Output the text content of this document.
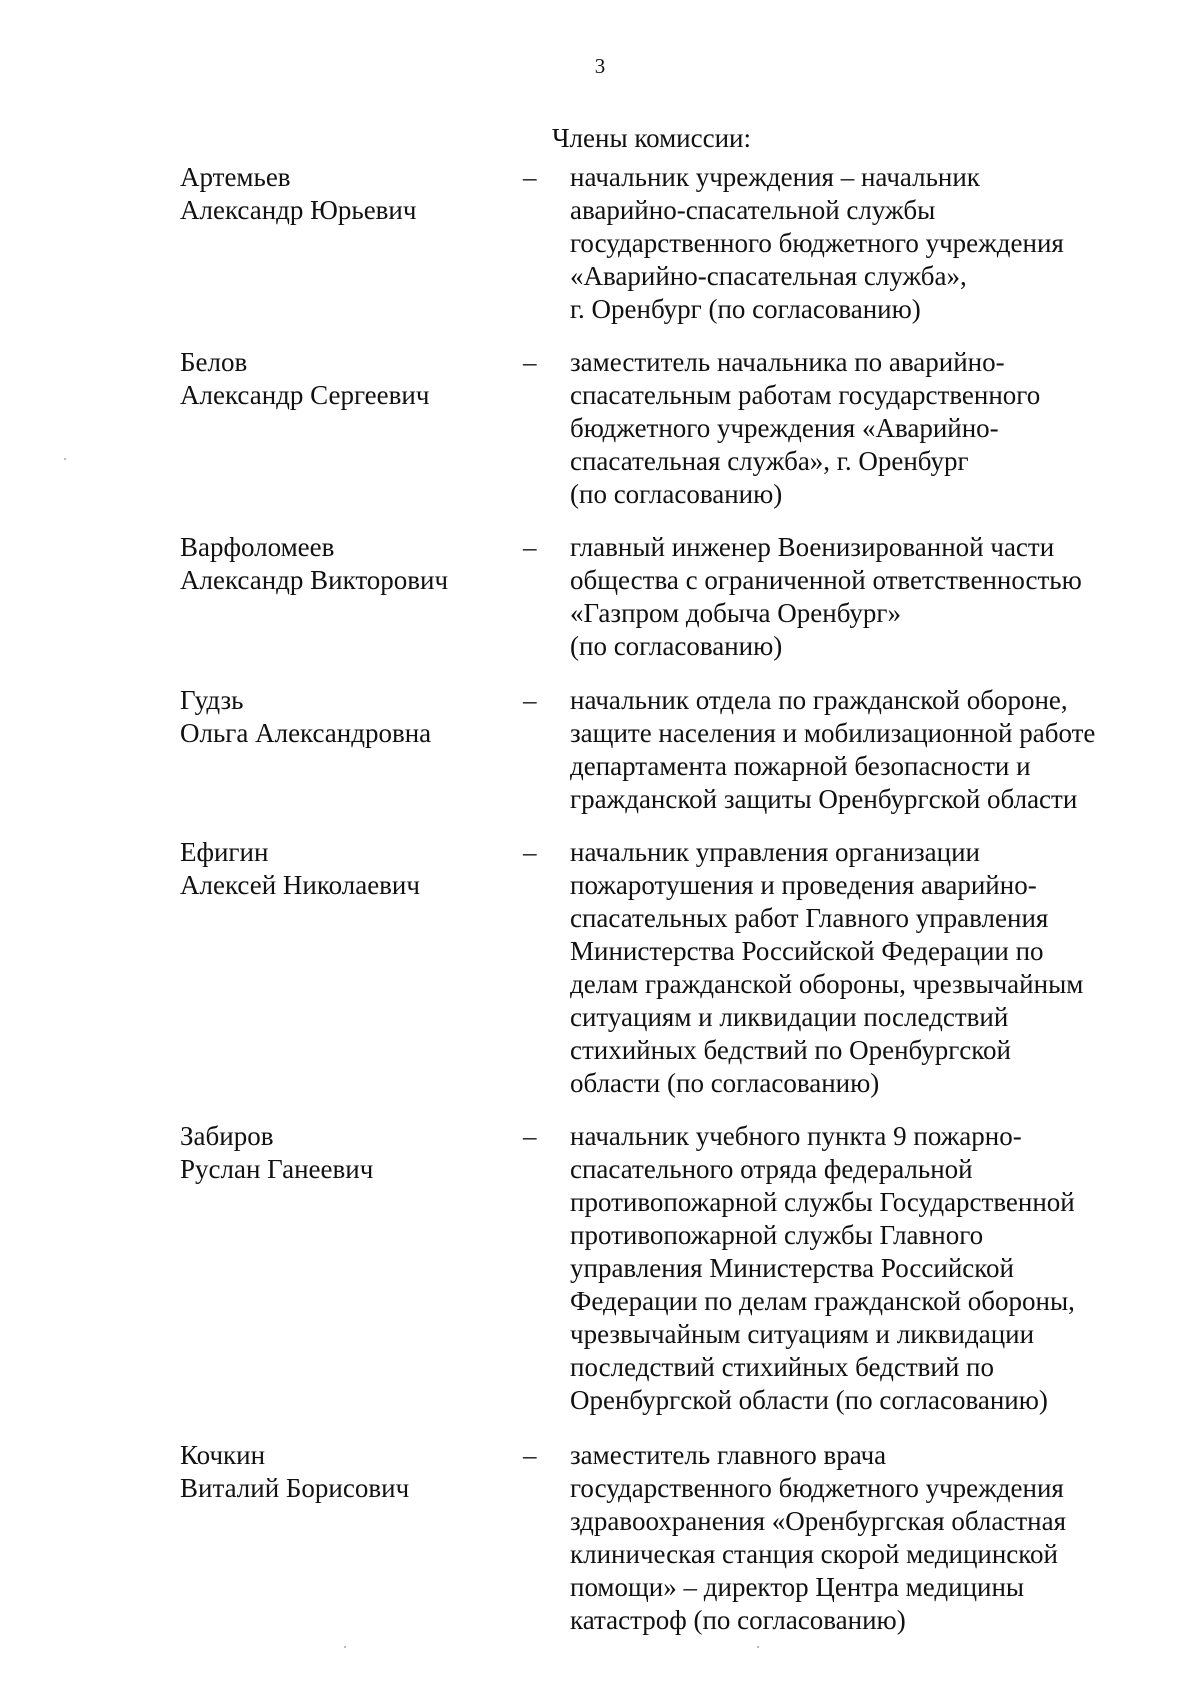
3
Члены комиссии:
Артемьев
Александр Юрьевич
– начальник учреждения – начальник
аварийно-спасательной службы
государственного бюджетного учреждения
«Аварийно-спасательная служба»,
г. Оренбург (по согласованию)
Белов
Александр Сергеевич
– заместитель начальника по аварийно-
спасательным работам государственного
бюджетного учреждения «Аварийно-
спасательная служба», г. Оренбург
(по согласованию)
Варфоломеев
Александр Викторович
– главный инженер Военизированной части
общества с ограниченной ответственностью
«Газпром добыча Оренбург»
(по согласованию)
Гудзь
Ольга Александровна
– начальник отдела по гражданской обороне,
защите населения и мобилизационной работе
департамента пожарной безопасности и
гражданской защиты Оренбургской области
Ефигин
Алексей Николаевич
– начальник управления организации
пожаротушения и проведения аварийно-
спасательных работ Главного управления
Министерства Российской Федерации по
делам гражданской обороны, чрезвычайным
ситуациям и ликвидации последствий
стихийных бедствий по Оренбургской
области (по согласованию)
Забиров
Руслан Ганеевич
– начальник учебного пункта 9 пожарно-
спасательного отряда федеральной
противопожарной службы Государственной
противопожарной службы Главного
управления Министерства Российской
Федерации по делам гражданской обороны,
чрезвычайным ситуациям и ликвидации
последствий стихийных бедствий по
Оренбургской области (по согласованию)
Кочкин
Виталий Борисович
– заместитель главного врача
государственного бюджетного учреждения
здравоохранения «Оренбургская областная
клиническая станция скорой медицинской
помощи» – директор Центра медицины
катастроф (по согласованию)
